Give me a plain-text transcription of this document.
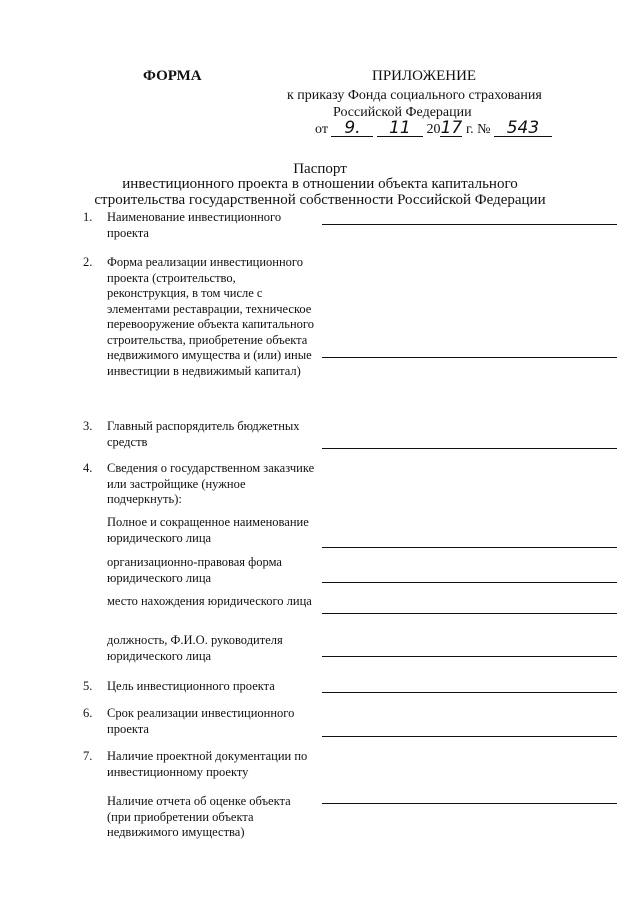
ФОРМА	ПРИЛОЖЕНИЕ
к приказу Фонда социального страхования
Российской Федерации
от 9. 11 2017 г. № 543
Паспорт
инвестиционного проекта в отношении объекта капитального
строительства государственной собственности Российской Федерации
1. Наименование инвестиционного проекта
2. Форма реализации инвестиционного проекта (строительство, реконструкция, в том числе с элементами реставрации, техническое перевооружение объекта капитального строительства, приобретение объекта недвижимого имущества и (или) иные инвестиции в недвижимый капитал)
3. Главный распорядитель бюджетных средств
4. Сведения о государственном заказчике или застройщике (нужное подчеркнуть):
Полное и сокращенное наименование юридического лица
организационно-правовая форма юридического лица
место нахождения юридического лица
должность, Ф.И.О. руководителя юридического лица
5. Цель инвестиционного проекта
6. Срок реализации инвестиционного проекта
7. Наличие проектной документации по инвестиционному проекту
Наличие отчета об оценке объекта (при приобретении объекта недвижимого имущества)
